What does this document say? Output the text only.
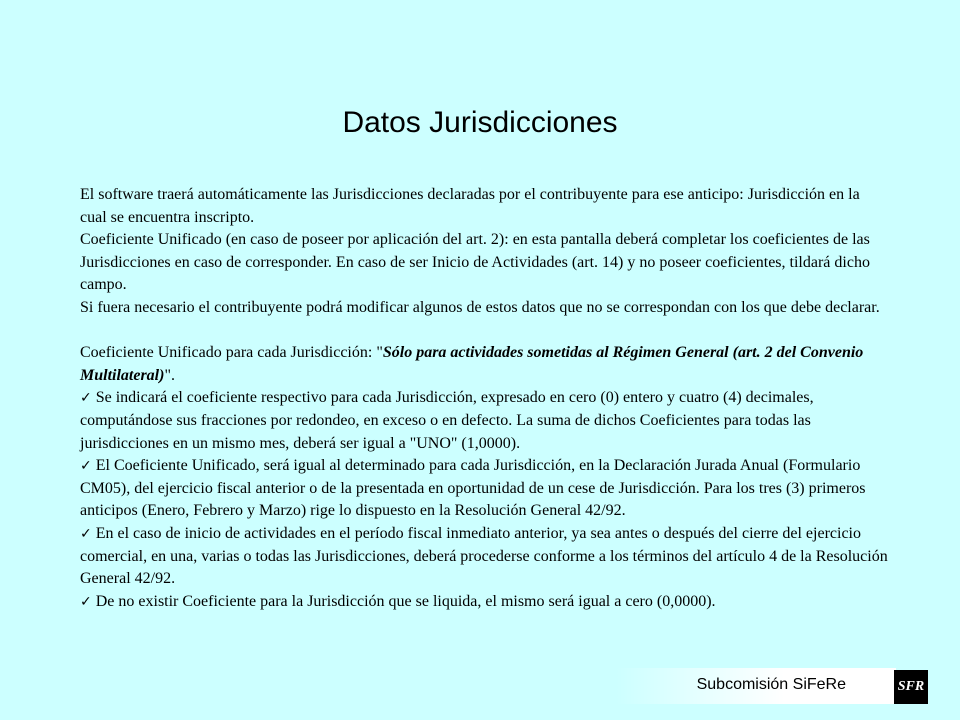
Datos Jurisdicciones

El software traerá automáticamente las Jurisdicciones declaradas por el contribuyente para ese anticipo: Jurisdicción en la cual se encuentra inscripto.

Coeficiente Unificado (en caso de poseer por aplicación del art. 2): en esta pantalla deberá completar los coeficientes de las Jurisdicciones en caso de corresponder. En caso de ser Inicio de Actividades (art. 14) y no poseer coeficientes, tildará dicho campo.

Si fuera necesario el contribuyente podrá modificar algunos de estos datos que no se correspondan con los que debe declarar.

Coeficiente Unificado para cada Jurisdicción: "Sólo para actividades sometidas al Régimen General (art. 2 del Convenio Multilateral)".

✓ Se indicará el coeficiente respectivo para cada Jurisdicción, expresado en cero (0) entero y cuatro (4) decimales, computándose sus fracciones por redondeo, en exceso o en defecto. La suma de dichos Coeficientes para todas las jurisdicciones en un mismo mes, deberá ser igual a "UNO" (1,0000).

✓ El Coeficiente Unificado, será igual al determinado para cada Jurisdicción, en la Declaración Jurada Anual (Formulario CM05), del ejercicio fiscal anterior o de la presentada en oportunidad de un cese de Jurisdicción. Para los tres (3) primeros anticipos (Enero, Febrero y Marzo) rige lo dispuesto en la Resolución General 42/92.

✓ En el caso de inicio de actividades en el período fiscal inmediato anterior, ya sea antes o después del cierre del ejercicio comercial, en una, varias o todas las Jurisdicciones, deberá procederse conforme a los términos del artículo 4 de la Resolución General 42/92.

✓ De no existir Coeficiente para la Jurisdicción que se liquida, el mismo será igual a cero (0,0000).

Subcomisión SiFeRe	SFR
